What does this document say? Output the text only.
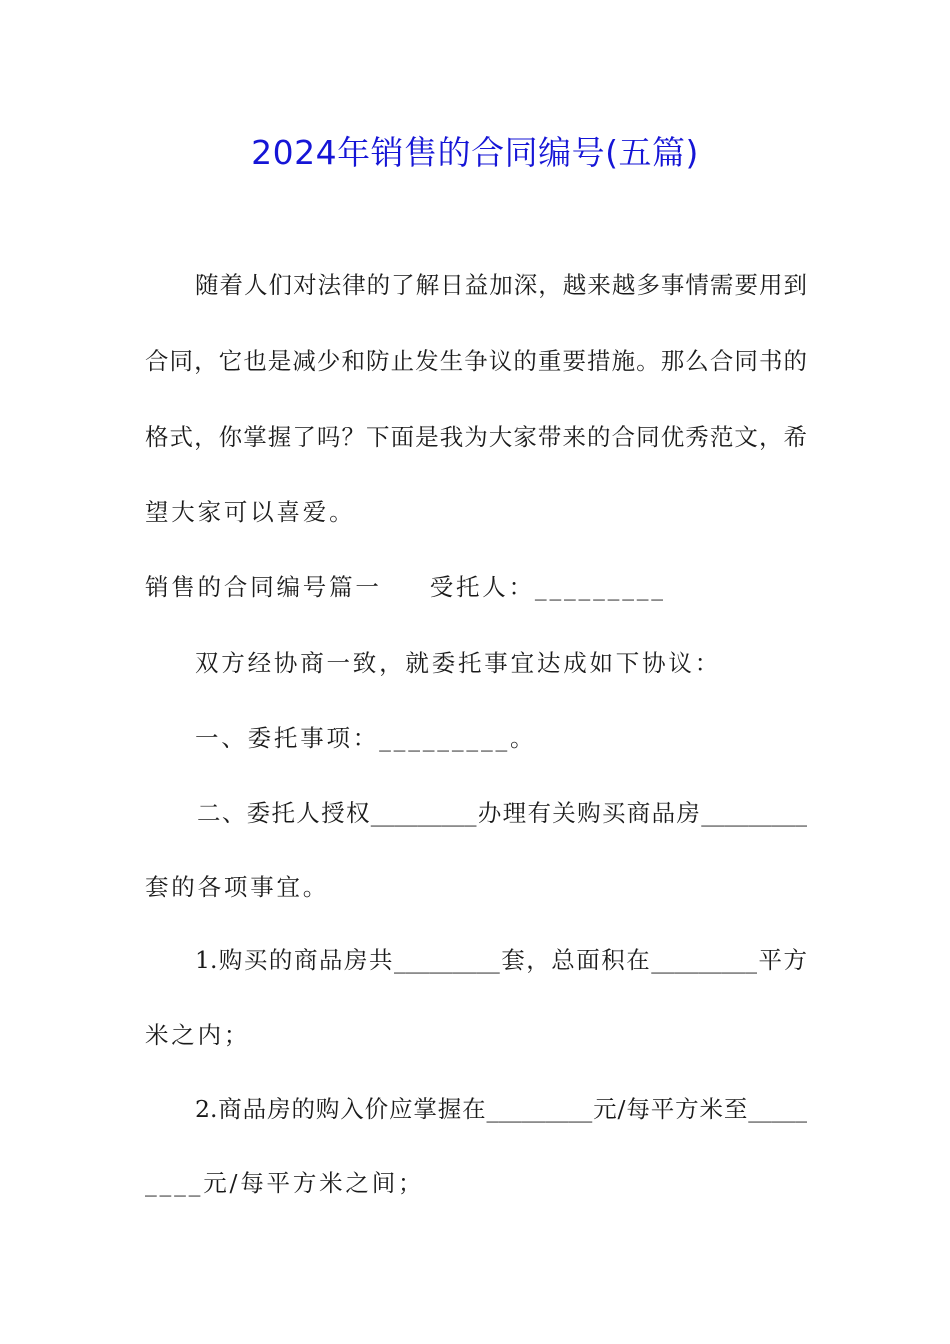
2024年销售的合同编号(五篇)
随着人们对法律的了解日益加深，越来越多事情需要用到
合同，它也是减少和防止发生争议的重要措施。那么合同书的
格式，你掌握了吗？下面是我为大家带来的合同优秀范文，希
望大家可以喜爱。
销售的合同编号篇一 受托人：_________
双方经协商一致，就委托事宜达成如下协议：
一、委托事项：_________。
二、委托人授权_________办理有关购买商品房_________
套的各项事宜。
1.购买的商品房共_________套，总面积在_________平方
米之内；
2.商品房的购入价应掌握在_________元/每平方米至_____
____元/每平方米之间；
